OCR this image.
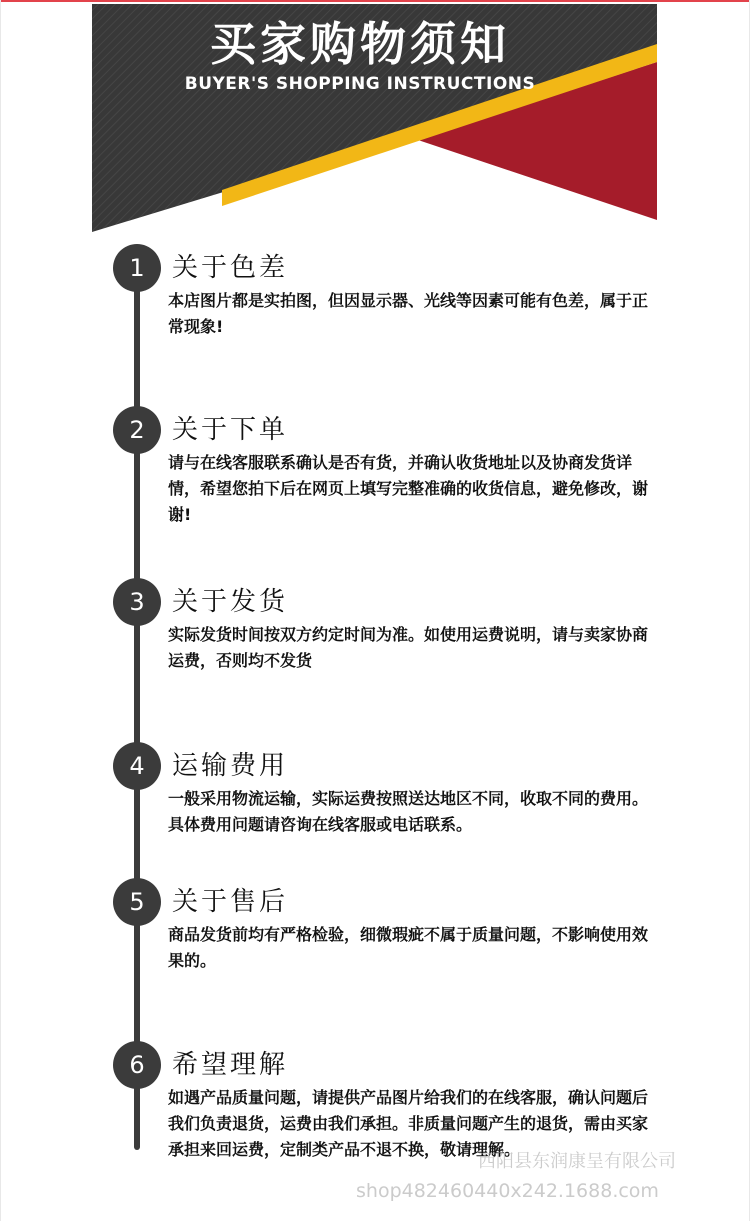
买家购物须知
BUYER'S SHOPPING INSTRUCTIONS
1	关于色差
本店图片都是实拍图，但因显示器、光线等因素可能有色差，属于正常现象!
2	关于下单
请与在线客服联系确认是否有货，并确认收货地址以及协商发货详情，希望您拍下后在网页上填写完整准确的收货信息，避免修改，谢谢!
3	关于发货
实际发货时间按双方约定时间为准。如使用运费说明，请与卖家协商运费，否则均不发货
4	运输费用
一般采用物流运输，实际运费按照送达地区不同，收取不同的费用。具体费用问题请咨询在线客服或电话联系。
5	关于售后
商品发货前均有严格检验，细微瑕疵不属于质量问题，不影响使用效果的。
6	希望理解
如遇产品质量问题，请提供产品图片给我们的在线客服，确认问题后我们负责退货，运费由我们承担。非质量问题产生的退货，需由买家承担来回运费，定制类产品不退不换，敬请理解。
西阳县东润康呈有限公司
shop482460440x242.1688.com
